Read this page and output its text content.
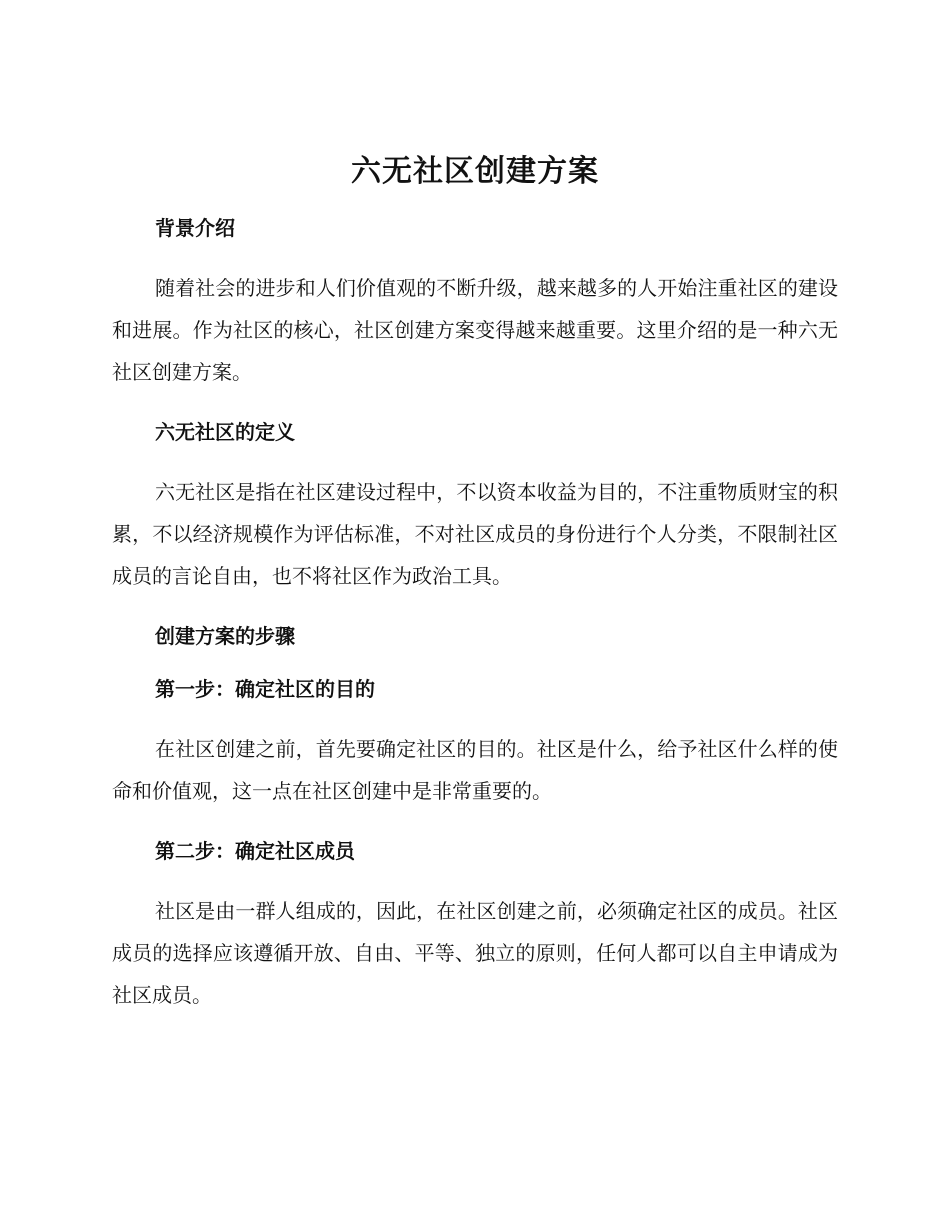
六无社区创建方案
背景介绍

随着社会的进步和人们价值观的不断升级，越来越多的人开始注重社区的建设和进展。作为社区的核心，社区创建方案变得越来越重要。这里介绍的是一种六无社区创建方案。

六无社区的定义

六无社区是指在社区建设过程中，不以资本收益为目的，不注重物质财宝的积累，不以经济规模作为评估标准，不对社区成员的身份进行个人分类，不限制社区成员的言论自由，也不将社区作为政治工具。

创建方案的步骤
第一步：确定社区的目的

在社区创建之前，首先要确定社区的目的。社区是什么，给予社区什么样的使命和价值观，这一点在社区创建中是非常重要的。

第二步：确定社区成员

社区是由一群人组成的，因此，在社区创建之前，必须确定社区的成员。社区成员的选择应该遵循开放、自由、平等、独立的原则，任何人都可以自主申请成为社区成员。
